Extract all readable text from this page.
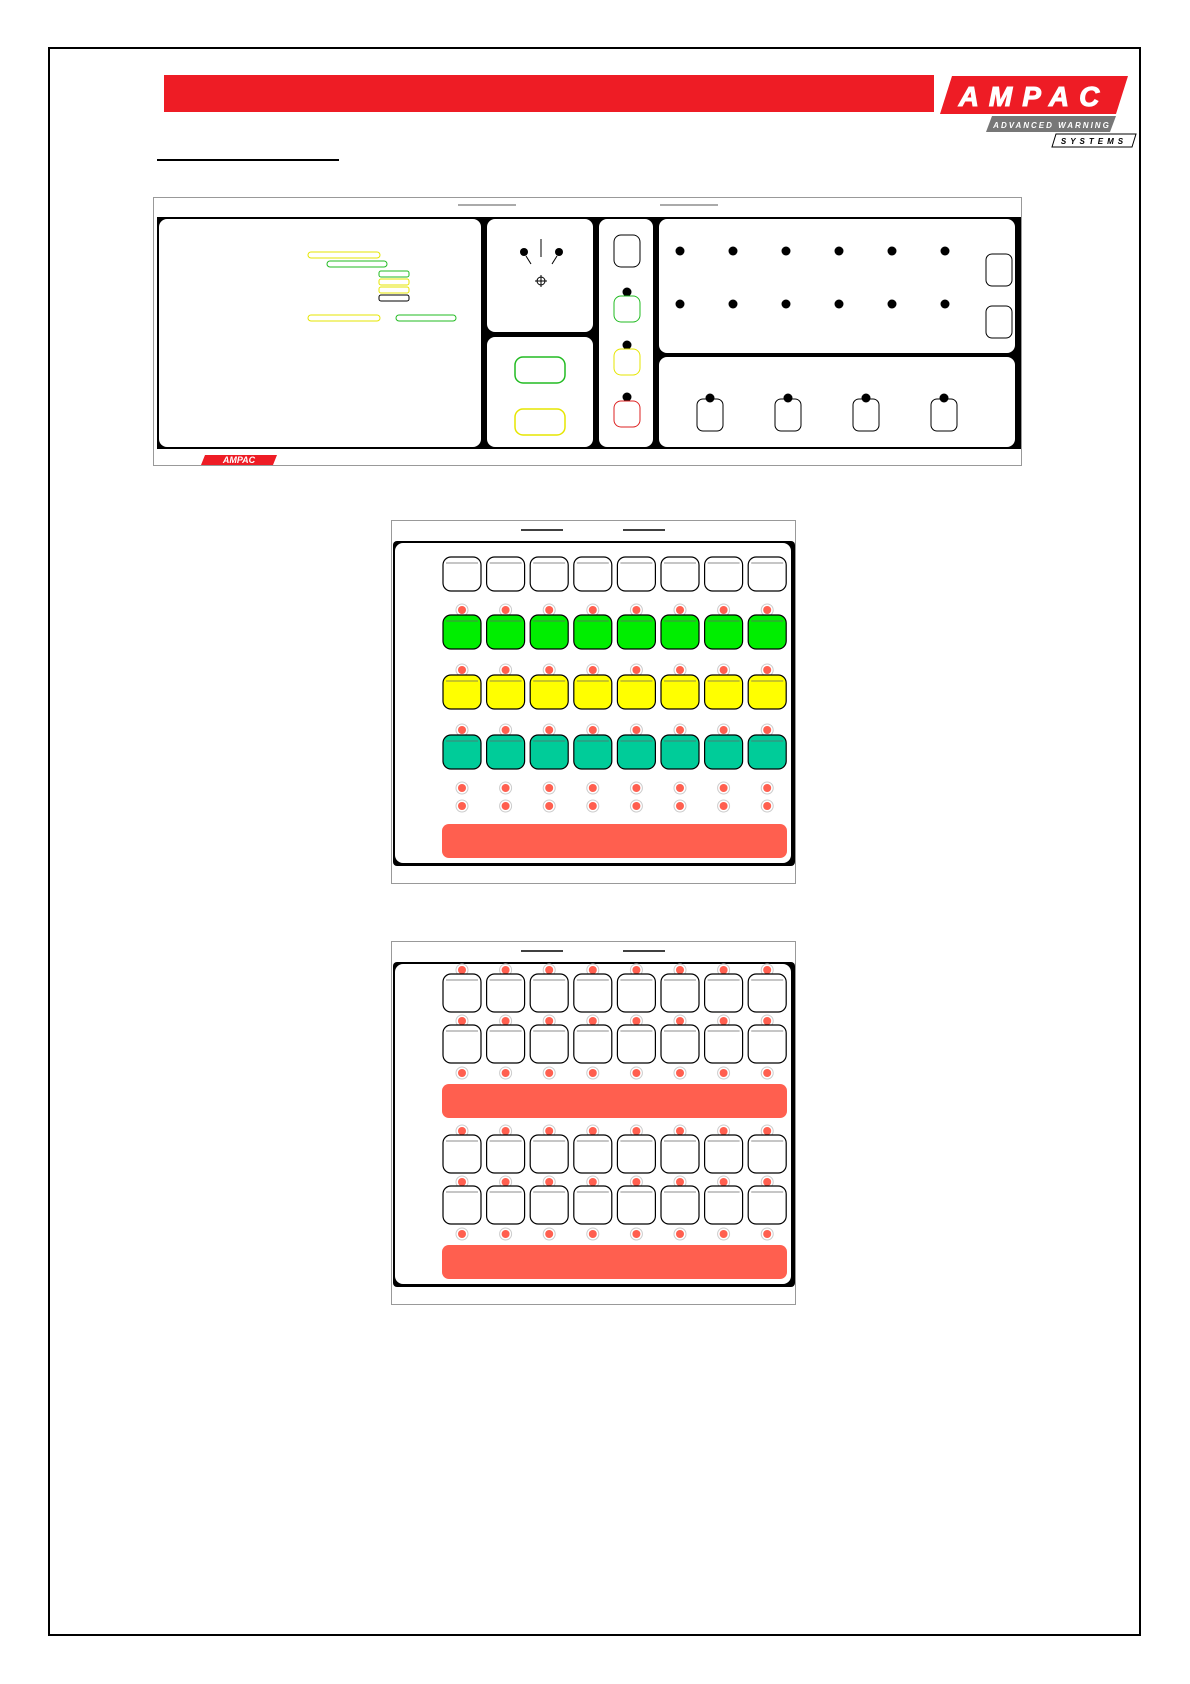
AMPAC
ADVANCED WARNING
SYSTEMS
AMPAC
